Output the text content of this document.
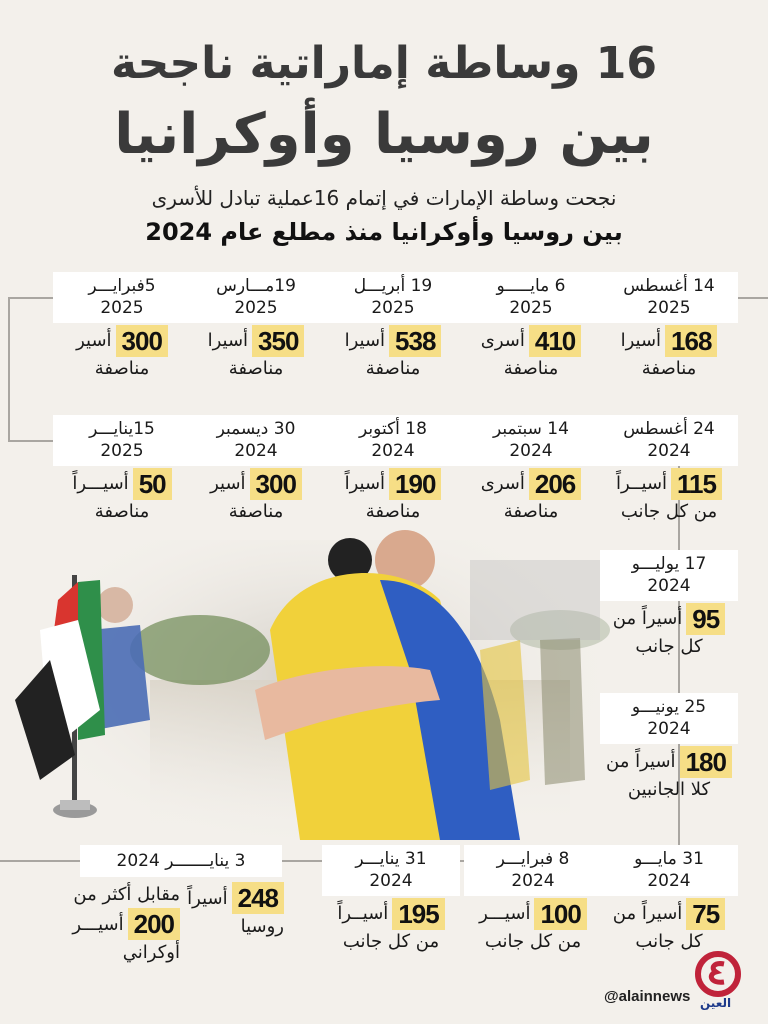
16 وساطة إماراتية ناجحة
بين روسيا وأوكرانيا
نجحت وساطة الإمارات في إتمام 16عملية تبادل للأسرى
بين روسيا وأوكرانيا منذ مطلع عام 2024
14 أغسطس
2025
168
أسيرا
مناصفة
6 مايـــــو
2025
410
أسرى
مناصفة
19 أبريـــل
2025
538
أسيرا
مناصفة
19مـــارس
2025
350
أسيرا
مناصفة
5فبرايـــر
2025
300
أسير
مناصفة
24 أغسطس
2024
115
أسيــراً
من كل جانب
14 سبتمبر
2024
206
أسرى
مناصفة
18 أكتوبر
2024
190
أسيراً
مناصفة
30 ديسمبر
2024
300
أسير
مناصفة
15ينايـــر
2025
50
أسيـــراً
مناصفة
17 يوليـــو
2024
95
أسيراً من
كل جانب
25 يونيـــو
2024
180
أسيراً من
كلا الجانبين
31 مايـــو
2024
75
أسيراً من
كل جانب
8 فبرايـــر
2024
100
أسيـــر
من كل جانب
31 ينايـــر
2024
195
أسيــراً
من كل جانب
3 ينايـــــــر 2024
248
أسيراً
روسيا
مقابل أكثر من
200
أسيـــر
أوكراني
العين
@alainnews
